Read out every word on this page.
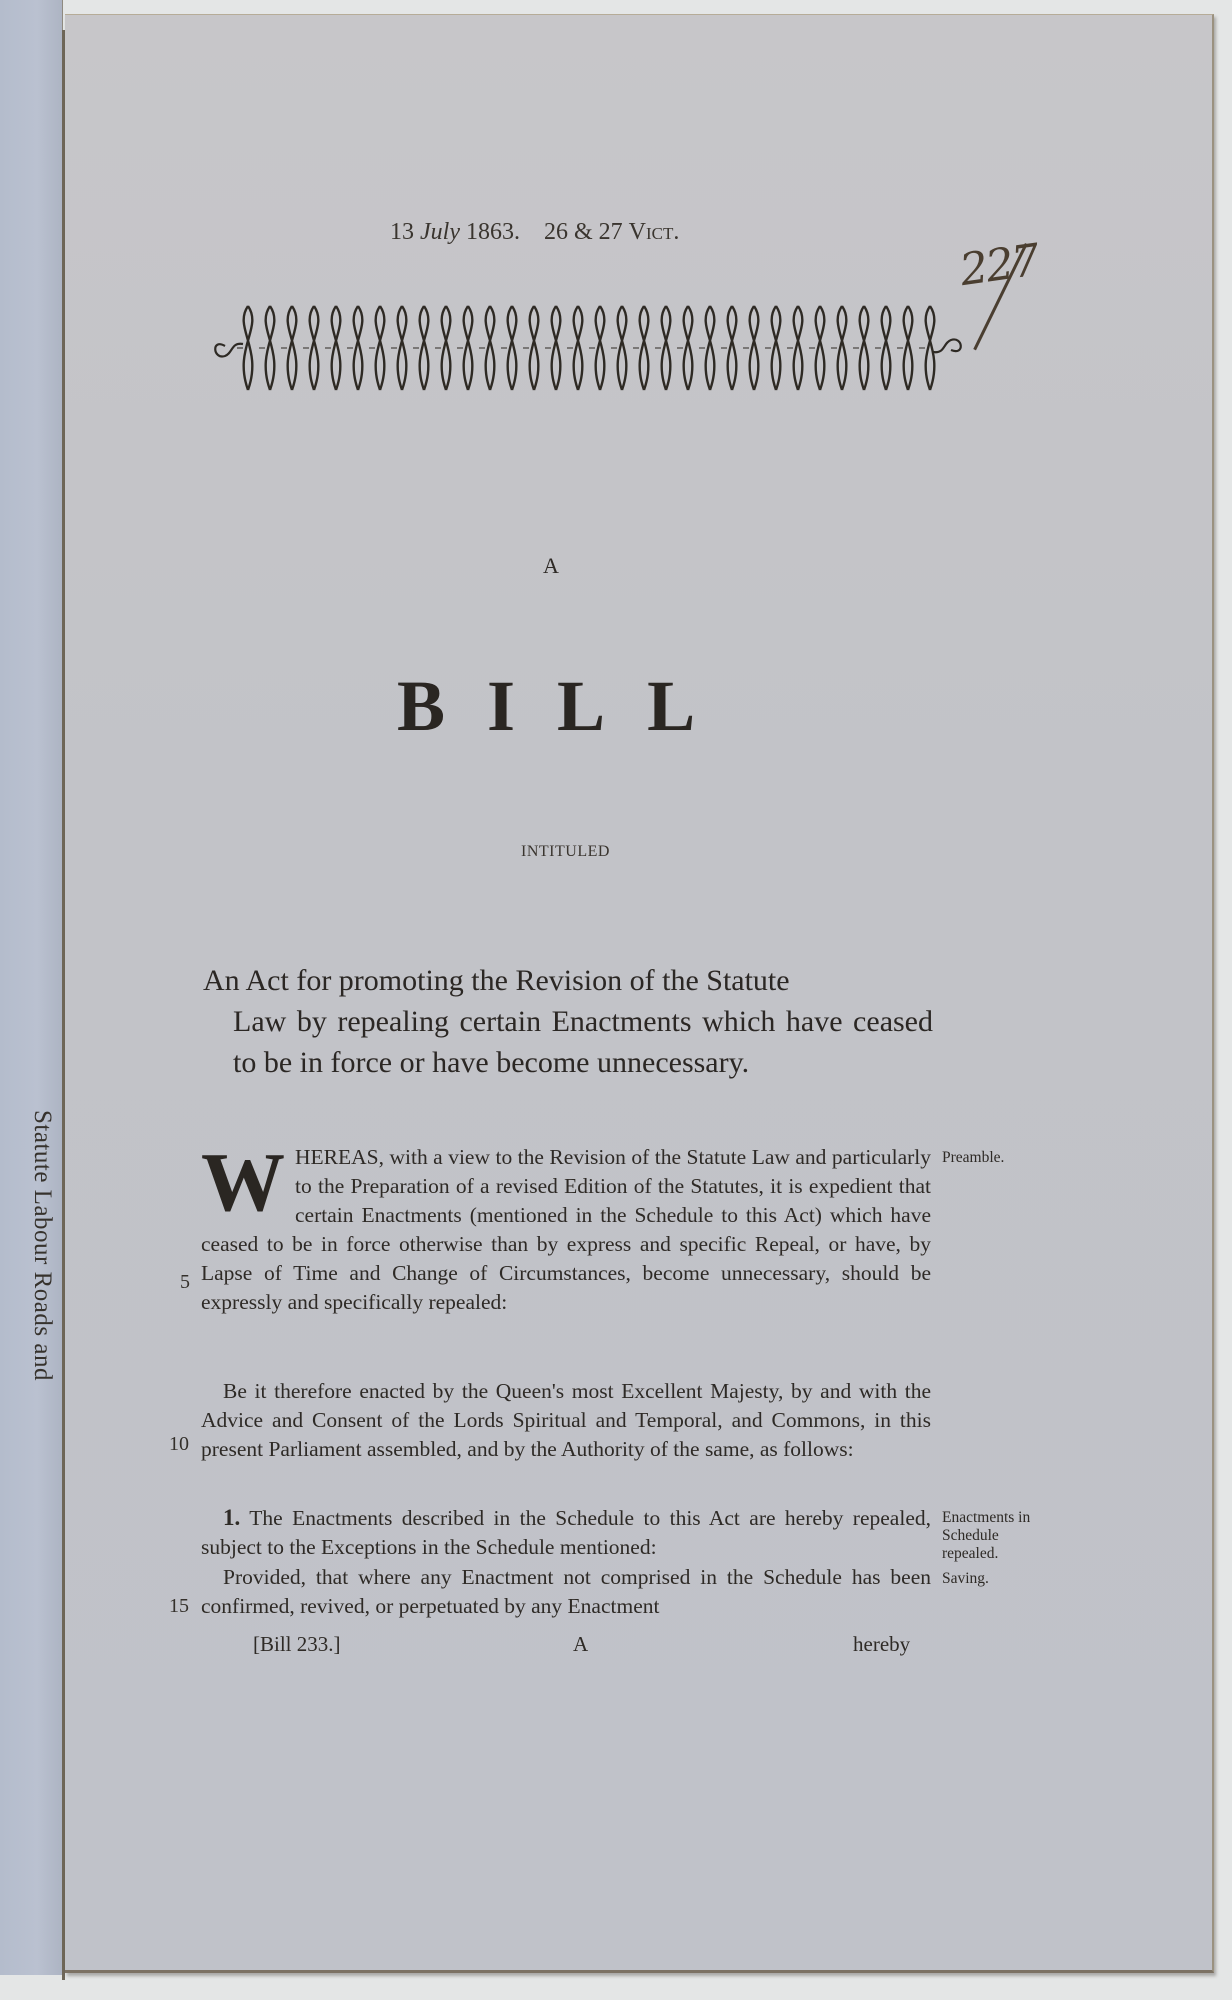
Statute Labour Roads and
13 July 1863. 26 & 27 Vict.
227
A
BILL
INTITULED
An Act for promoting the Revision of the Statute
Law by repealing certain Enactments which have ceased to be in force or have become unnecessary.
WHEREAS, with a view to the Revision of the Statute Law and particularly to the Preparation of a revised Edition of the Statutes, it is expedient that certain Enactments (mentioned in the Schedule to this Act) which have ceased to be in force otherwise than by express and specific Repeal, or have, by Lapse of Time and Change of Circumstances, become unnecessary, should be expressly and specifically repealed:
Preamble.
5
Be it therefore enacted by the Queen's most Excellent Majesty, by and with the Advice and Consent of the Lords Spiritual and Temporal, and Commons, in this present Parliament assembled, and by the Authority of the same, as follows:
10
1. The Enactments described in the Schedule to this Act are hereby repealed, subject to the Exceptions in the Schedule mentioned:
Enactments in Schedule repealed.
Provided, that where any Enactment not comprised in the Schedule has been confirmed, revived, or perpetuated by any Enactment
Saving.
15
[Bill 233.]	A	hereby
